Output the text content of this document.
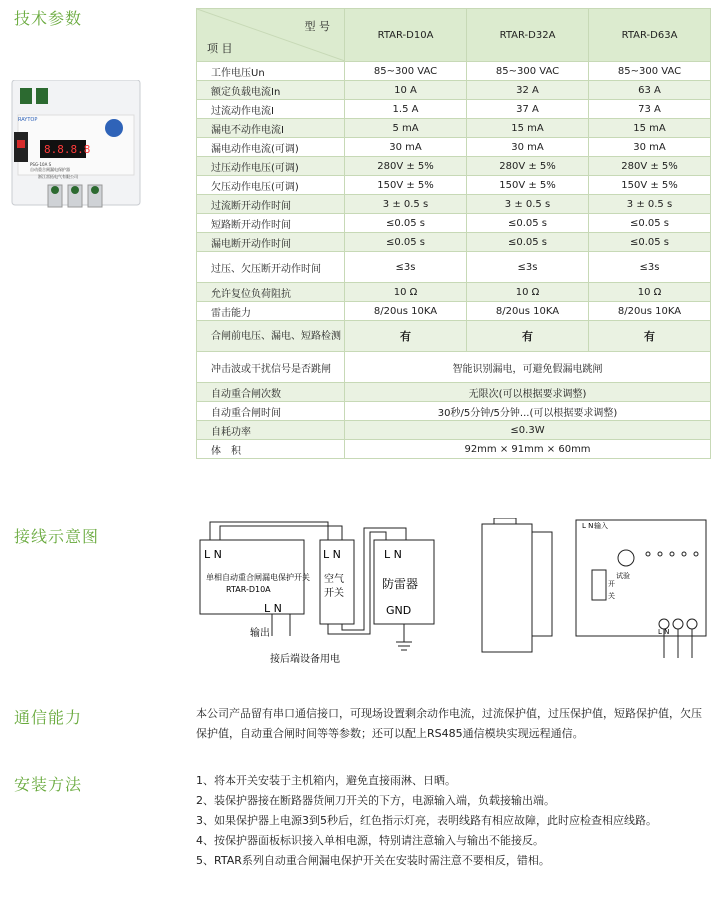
技术参数
接线示意图
通信能力
安装方法
8.8.8.8
RAYTOP
PSG-10A S
自动重合闸漏电保护器
浙江雷拓电气有限公司
型 号
项 目	RTAR-D10A	RTAR-D32A	RTAR-D63A
工作电压Un	85~300 VAC	85~300 VAC	85~300 VAC
额定负载电流In	10 A	32 A	63 A
过流动作电流I	1.5 A	37 A	73 A
漏电不动作电流I	5 mA	15 mA	15 mA
漏电动作电流(可调)	30 mA	30 mA	30 mA
过压动作电压(可调)	280V ± 5%	280V ± 5%	280V ± 5%
欠压动作电压(可调)	150V ± 5%	150V ± 5%	150V ± 5%
过流断开动作时间	3 ± 0.5 s	3 ± 0.5 s	3 ± 0.5 s
短路断开动作时间	≤0.05 s	≤0.05 s	≤0.05 s
漏电断开动作时间	≤0.05 s	≤0.05 s	≤0.05 s
过压、欠压断开动作时间	≤3s	≤3s	≤3s
允许复位负荷阻抗	10 Ω	10 Ω	10 Ω
雷击能力	8/20us 10KA	8/20us 10KA	8/20us 10KA
合闸前电压、漏电、短路检测	有	有	有
冲击波或干扰信号是否跳闸	智能识别漏电，可避免假漏电跳闸		
自动重合闸次数	无限次(可以根据要求调整)		
自动重合闸时间	30秒/5分钟/5分钟...(可以根据要求调整)		
自耗功率	≤0.3W		
体　积	92mm × 91mm × 60mm		
L N
单相自动重合闸漏电保护开关
RTAR-D10A
L N
输出
L N
空气
开关
L N
防雷器
GND
接后端设备用电
L N 输入
试验
开
关
L N
本公司产品留有串口通信接口，可现场设置剩余动作电流，过流保护值，过压保护值，短路保护值，欠压保护值，自动重合闸时间等等参数；还可以配上RS485通信模块实现远程通信。
1、将本开关安装于主机箱内，避免直接雨淋、日晒。
2、装保护器接在断路器货闸刀开关的下方，电源输入端，负载接输出端。
3、如果保护器上电源3到5秒后，红色指示灯亮，表明线路有相应故障，此时应检查相应线路。
4、按保护器面板标识接入单相电源，特别请注意输入与输出不能接反。
5、RTAR系列自动重合闸漏电保护开关在安装时需注意不要相反，错相。
